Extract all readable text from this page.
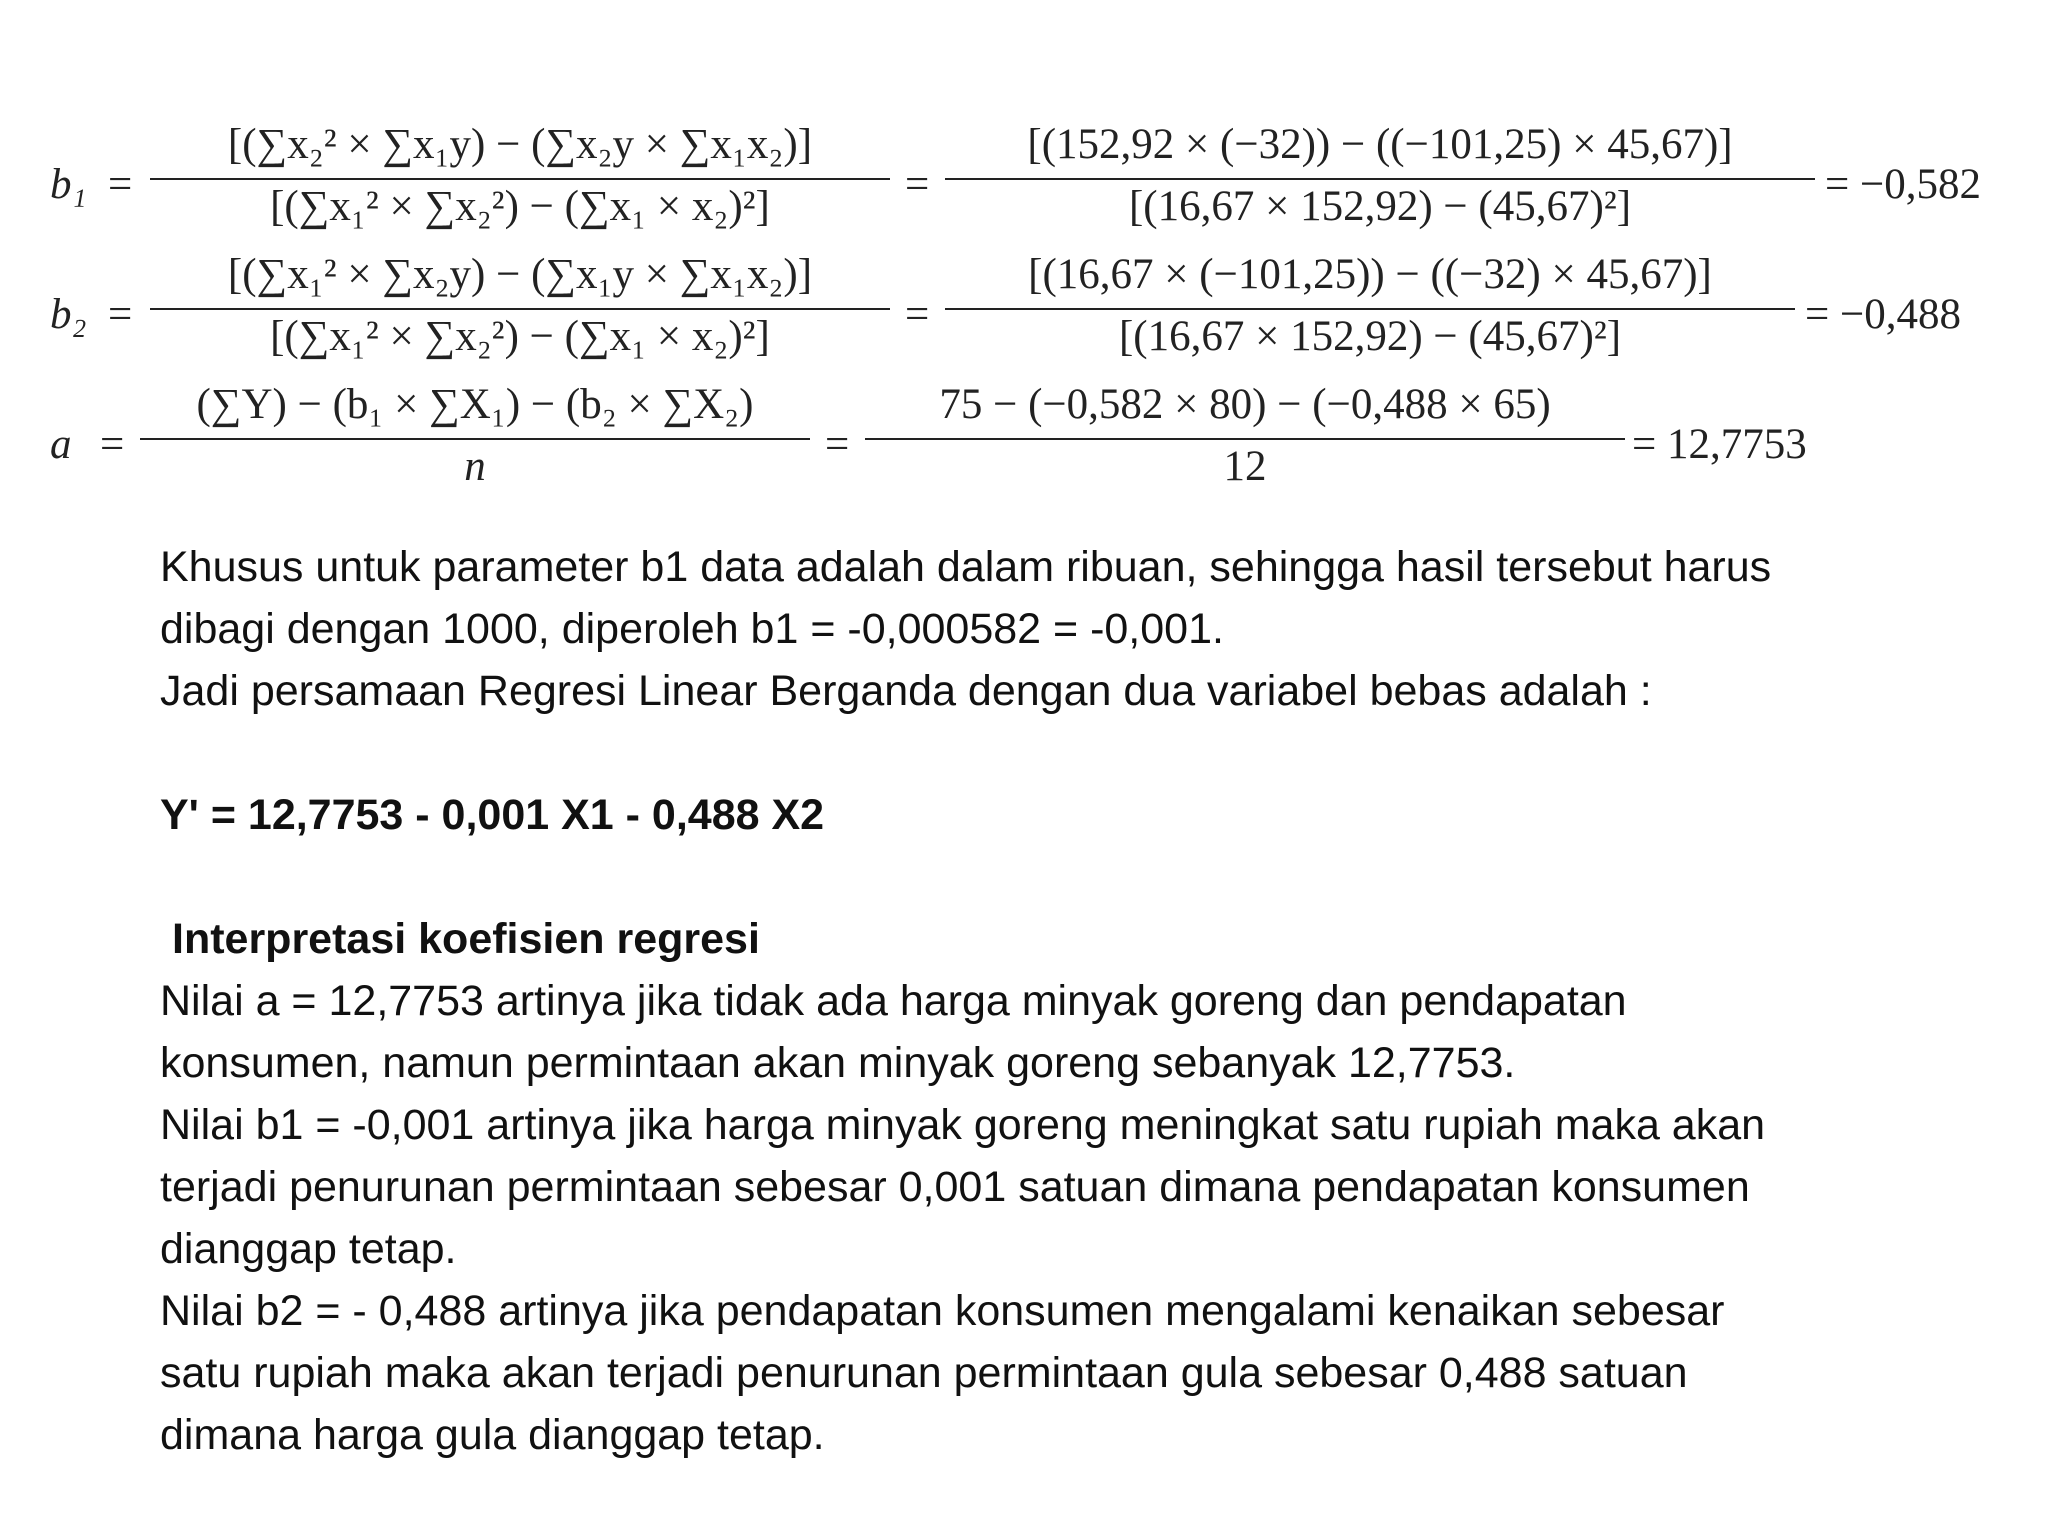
b₁ =
[(∑x₂² × ∑x₁y) − (∑x₂y × ∑x₁x₂)]
[(∑x₁² × ∑x₂²) − (∑x₁ × x₂)²]	=
[(152,92 × (−32)) − ((−101,25) × 45,67)]
[(16,67 × 152,92) − (45,67)²]	= −0,582
b₂ =
[(∑x₁² × ∑x₂y) − (∑x₁y × ∑x₁x₂)]
[(∑x₁² × ∑x₂²) − (∑x₁ × x₂)²]	=
[(16,67 × (−101,25)) − ((−32) × 45,67)]
[(16,67 × 152,92) − (45,67)²]	= −0,488
a =
(∑Y) − (b₁ × ∑X₁) − (b₂ × ∑X₂)
n	=
75 − (−0,582 × 80) − (−0,488 × 65)
12	= 12,7753

Khusus untuk parameter b1 data adalah dalam ribuan, sehingga hasil tersebut harus

dibagi dengan 1000, diperoleh b1 = -0,000582 = -0,001.

Jadi persamaan Regresi Linear Berganda dengan dua variabel bebas adalah :

Y' = 12,7753 - 0,001 X1 - 0,488 X2

Interpretasi koefisien regresi

Nilai a = 12,7753 artinya jika tidak ada harga minyak goreng dan pendapatan

konsumen, namun permintaan akan minyak goreng sebanyak 12,7753.

Nilai b1 = -0,001 artinya jika harga minyak goreng meningkat satu rupiah maka akan

terjadi penurunan permintaan sebesar 0,001 satuan dimana pendapatan konsumen

dianggap tetap.

Nilai b2 = - 0,488 artinya jika pendapatan konsumen mengalami kenaikan sebesar

satu rupiah maka akan terjadi penurunan permintaan gula sebesar 0,488 satuan

dimana harga gula dianggap tetap.
